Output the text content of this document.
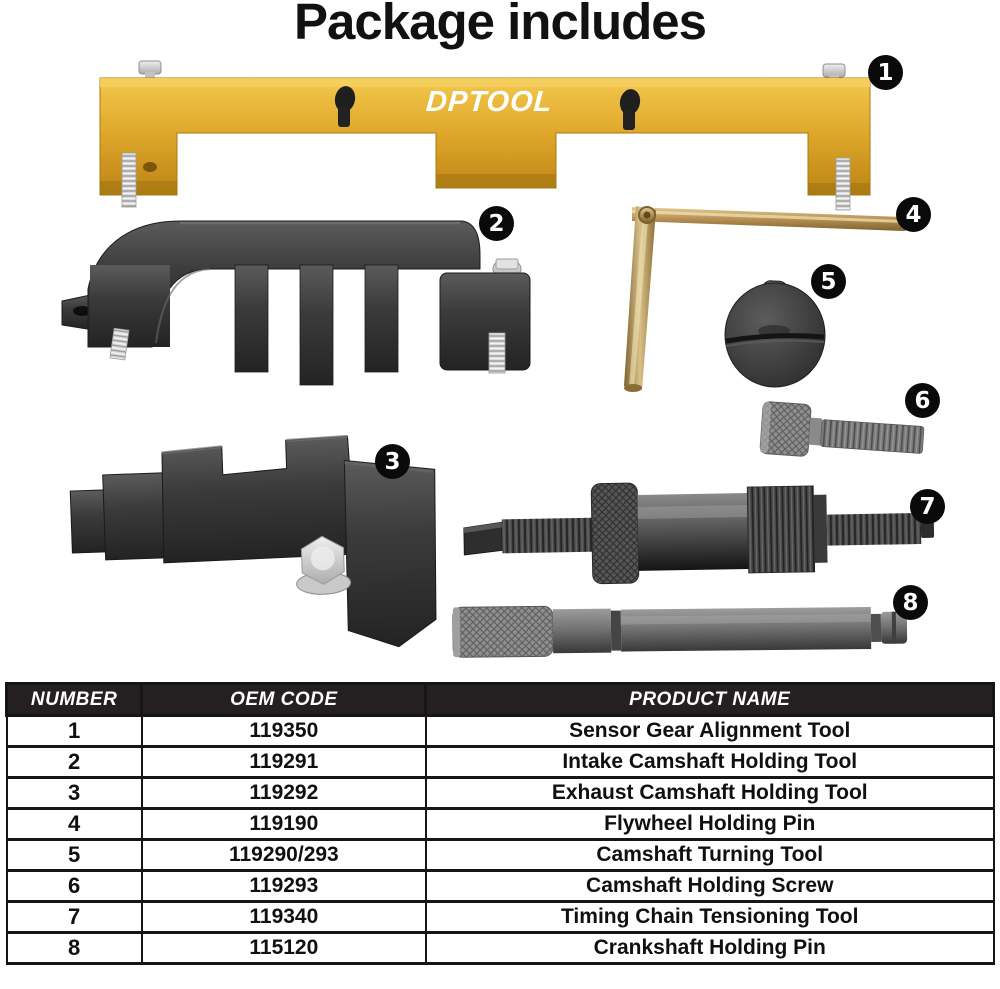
Package includes
DPTOOL
1
2
3
4
5
6
7
8
NUMBER	OEM CODE	PRODUCT NAME
1	119350	Sensor Gear Alignment Tool
2	119291	Intake Camshaft Holding Tool
3	119292	Exhaust Camshaft Holding Tool
4	119190	Flywheel Holding Pin
5	119290/293	Camshaft Turning Tool
6	119293	Camshaft Holding Screw
7	119340	Timing Chain Tensioning Tool
8	115120	Crankshaft Holding Pin
